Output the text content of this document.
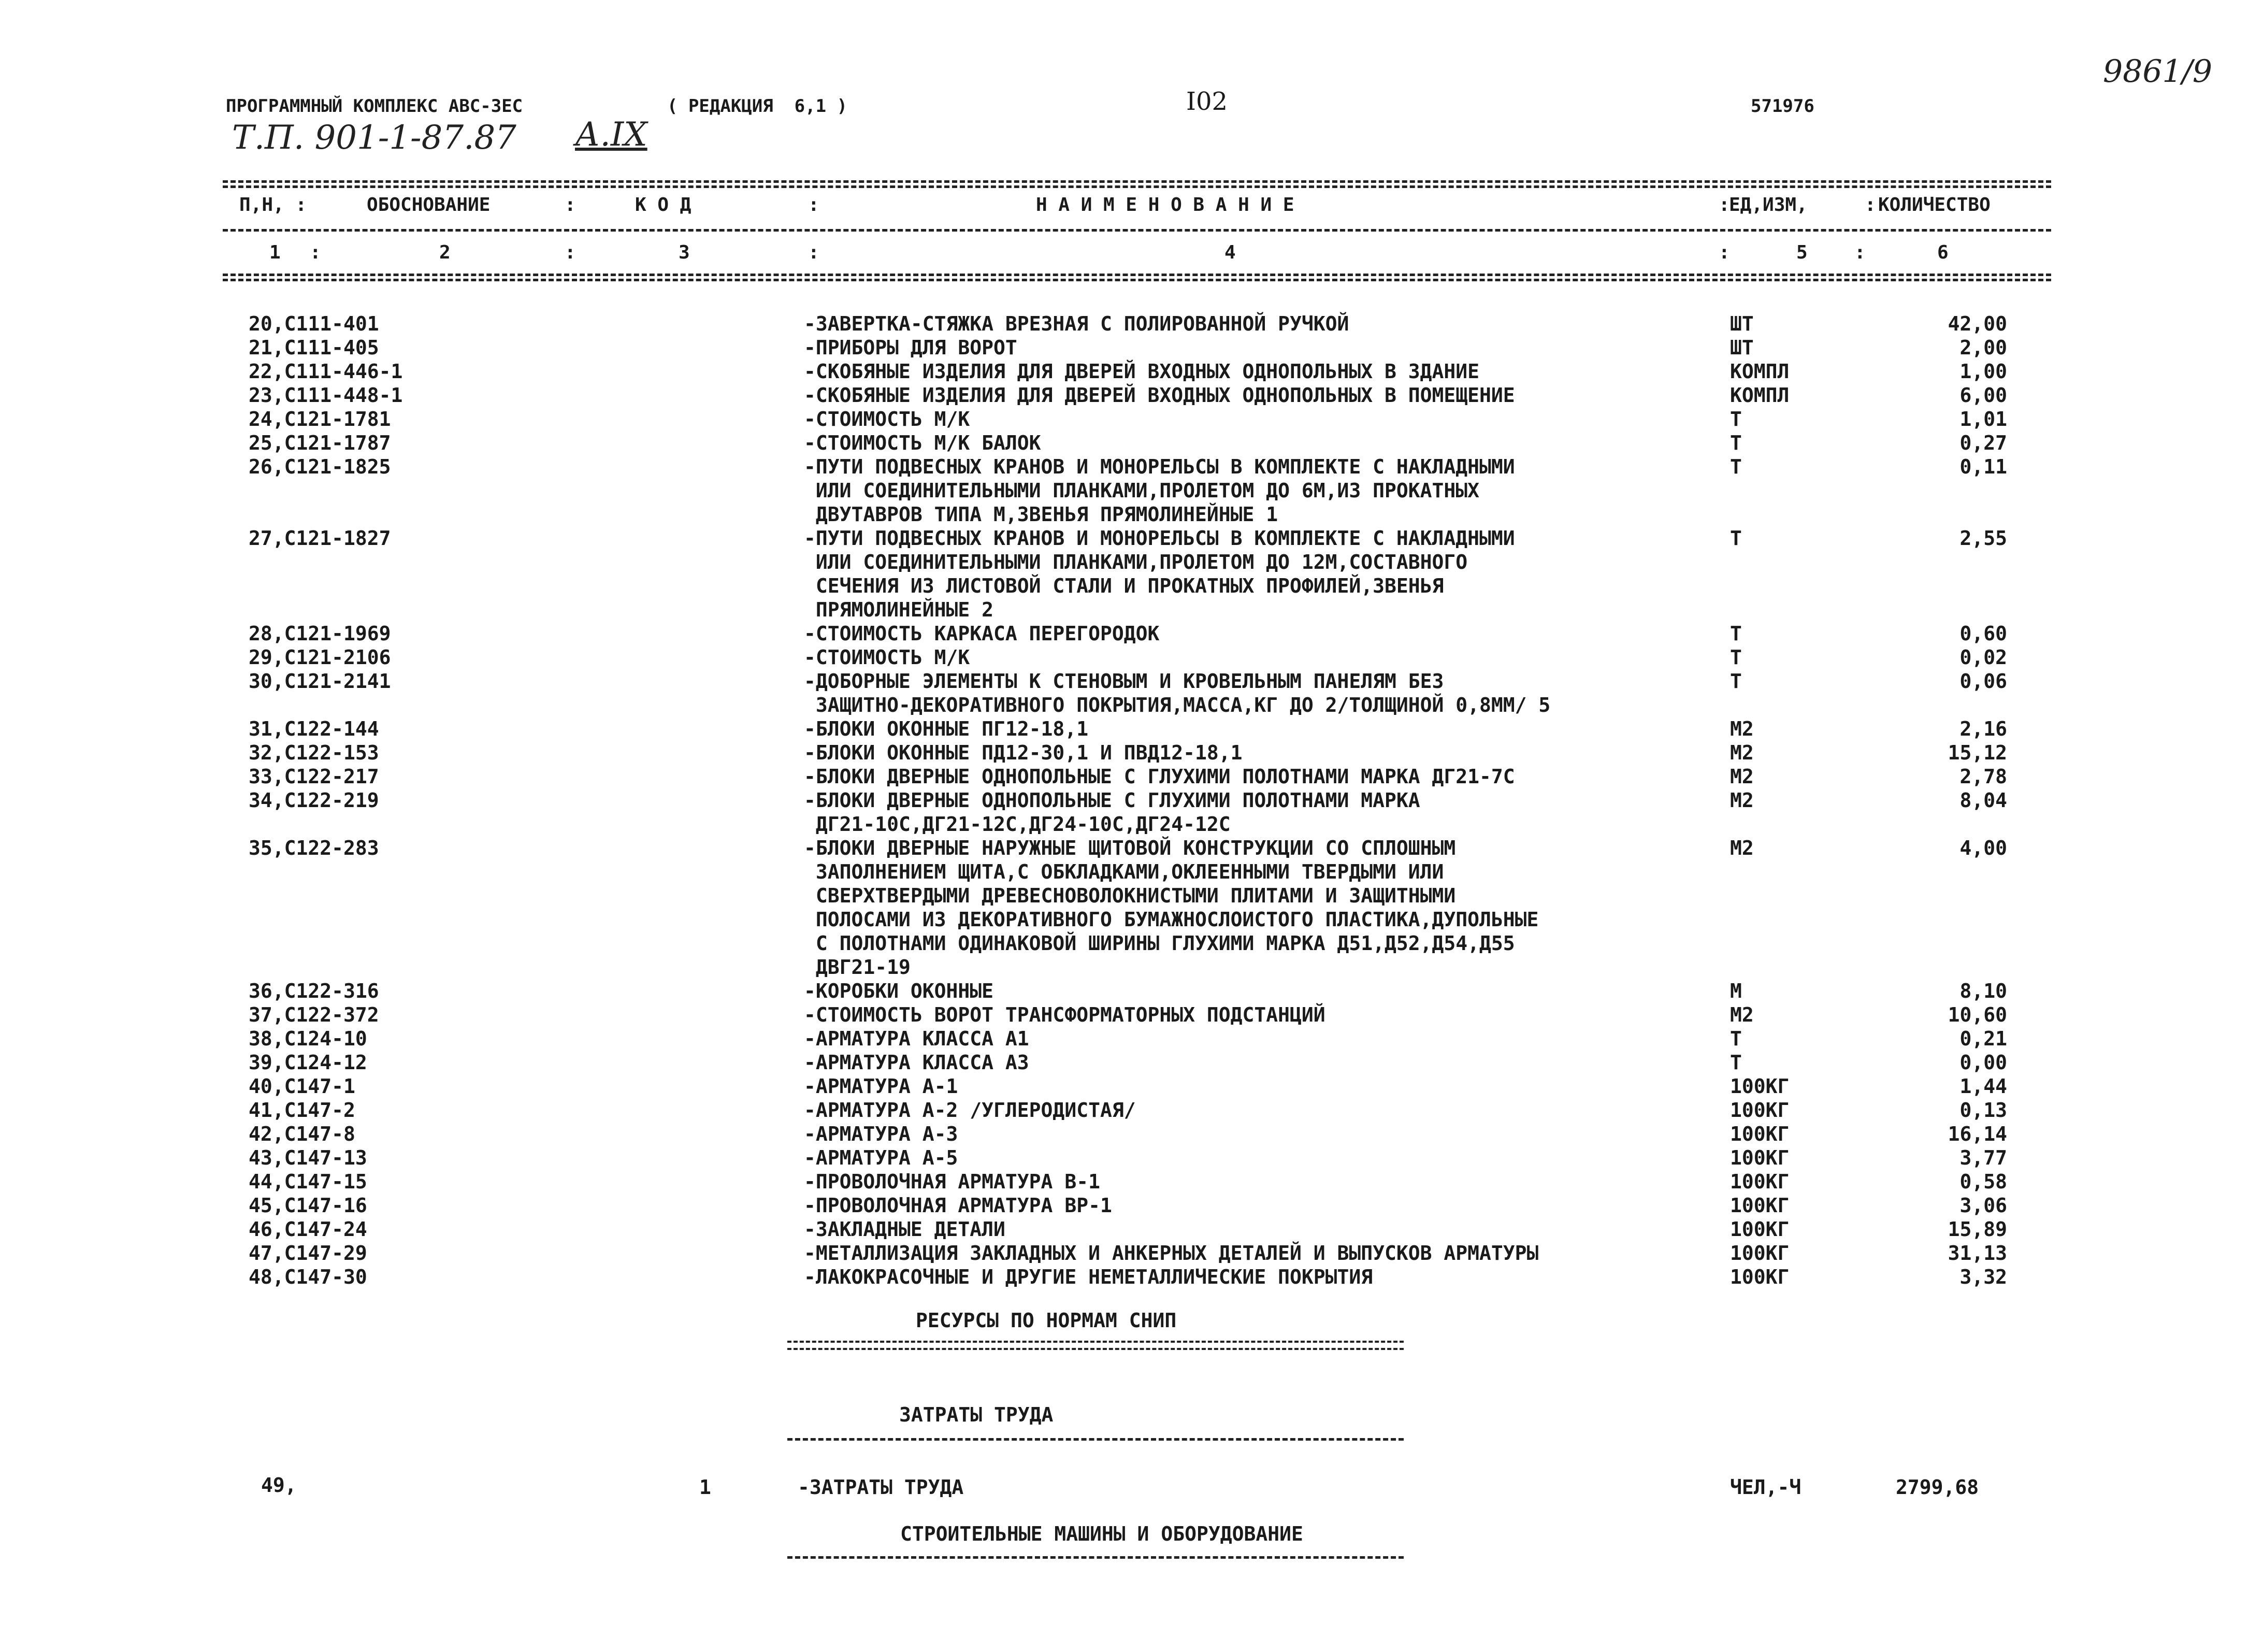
ПРОГРАММНЫЙ КОМПЛЕКС АВС-3ЕС	( РЕДАКЦИЯ  6,1 )	I02	571976
Т.П. 901-1-87.87 А.IX
9861/9
П,Н, :	ОБОСНОВАНИЕ	:	К О Д	:	Н А И М Е Н О В А Н И Е	:
ЕД,ИЗМ,	: КОЛИЧЕСТВО
1 :	2	:	3	:	4	:	5	:	6
20,С111-401	-ЗАВЕРТКА-СТЯЖКА ВРЕЗНАЯ С ПОЛИРОВАННОЙ РУЧКОЙ	ШТ	42,00
21,С111-405	-ПРИБОРЫ ДЛЯ ВОРОТ	ШТ	2,00
22,С111-446-1	-СКОБЯНЫЕ ИЗДЕЛИЯ ДЛЯ ДВЕРЕЙ ВХОДНЫХ ОДНОПОЛЬНЫХ В ЗДАНИЕ	КОМПЛ	1,00
23,С111-448-1	-СКОБЯНЫЕ ИЗДЕЛИЯ ДЛЯ ДВЕРЕЙ ВХОДНЫХ ОДНОПОЛЬНЫХ В ПОМЕЩЕНИЕ	КОМПЛ	6,00
24,С121-1781	-СТОИМОСТЬ М/К	Т	1,01
25,С121-1787	-СТОИМОСТЬ М/К БАЛОК	Т	0,27
26,С121-1825	-ПУТИ ПОДВЕСНЫХ КРАНОВ И МОНОРЕЛЬСЫ В КОМПЛЕКТЕ С НАКЛАДНЫМИ
ИЛИ СОЕДИНИТЕЛЬНЫМИ ПЛАНКАМИ,ПРОЛЕТОМ ДО 6М,ИЗ ПРОКАТНЫХ
ДВУТАВРОВ ТИПА М,ЗВЕНЬЯ ПРЯМОЛИНЕЙНЫЕ 1
Т	0,11
27,С121-1827	-ПУТИ ПОДВЕСНЫХ КРАНОВ И МОНОРЕЛЬСЫ В КОМПЛЕКТЕ С НАКЛАДНЫМИ
ИЛИ СОЕДИНИТЕЛЬНЫМИ ПЛАНКАМИ,ПРОЛЕТОМ ДО 12М,СОСТАВНОГО
СЕЧЕНИЯ ИЗ ЛИСТОВОЙ СТАЛИ И ПРОКАТНЫХ ПРОФИЛЕЙ,ЗВЕНЬЯ
ПРЯМОЛИНЕЙНЫЕ 2
Т	2,55
28,С121-1969	-СТОИМОСТЬ КАРКАСА ПЕРЕГОРОДОК	Т	0,60
29,С121-2106	-СТОИМОСТЬ М/К	Т	0,02
30,С121-2141	-ДОБОРНЫЕ ЭЛЕМЕНТЫ К СТЕНОВЫМ И КРОВЕЛЬНЫМ ПАНЕЛЯМ БЕЗ
ЗАЩИТНО-ДЕКОРАТИВНОГО ПОКРЫТИЯ,МАССА,КГ ДО 2/ТОЛЩИНОЙ 0,8ММ/ 5
Т	0,06
31,С122-144	-БЛОКИ ОКОННЫЕ ПГ12-18,1	М2	2,16
32,С122-153	-БЛОКИ ОКОННЫЕ ПД12-30,1 И ПВД12-18,1	М2	15,12
33,С122-217	-БЛОКИ ДВЕРНЫЕ ОДНОПОЛЬНЫЕ С ГЛУХИМИ ПОЛОТНАМИ МАРКА ДГ21-7С	М2	2,78
34,С122-219	-БЛОКИ ДВЕРНЫЕ ОДНОПОЛЬНЫЕ С ГЛУХИМИ ПОЛОТНАМИ МАРКА
ДГ21-10С,ДГ21-12С,ДГ24-10С,ДГ24-12С
М2	8,04
35,С122-283	-БЛОКИ ДВЕРНЫЕ НАРУЖНЫЕ ЩИТОВОЙ КОНСТРУКЦИИ СО СПЛОШНЫМ
ЗАПОЛНЕНИЕМ ЩИТА,С ОБКЛАДКАМИ,ОКЛЕЕННЫМИ ТВЕРДЫМИ ИЛИ
СВЕРХТВЕРДЫМИ ДРЕВЕСНОВОЛОКНИСТЫМИ ПЛИТАМИ И ЗАЩИТНЫМИ
ПОЛОСАМИ ИЗ ДЕКОРАТИВНОГО БУМАЖНОСЛОИСТОГО ПЛАСТИКА,ДУПОЛЬНЫЕ
С ПОЛОТНАМИ ОДИНАКОВОЙ ШИРИНЫ ГЛУХИМИ МАРКА Д51,Д52,Д54,Д55
ДВГ21-19
М2	4,00
36,С122-316	-КОРОБКИ ОКОННЫЕ	М	8,10
37,С122-372	-СТОИМОСТЬ ВОРОТ ТРАНСФОРМАТОРНЫХ ПОДСТАНЦИЙ	М2	10,60
38,С124-10	-АРМАТУРА КЛАССА А1	Т	0,21
39,С124-12	-АРМАТУРА КЛАССА А3	Т	0,00
40,С147-1	-АРМАТУРА А-1	100КГ	1,44
41,С147-2	-АРМАТУРА А-2 /УГЛЕРОДИСТАЯ/	100КГ	0,13
42,С147-8	-АРМАТУРА А-3	100КГ	16,14
43,С147-13	-АРМАТУРА А-5	100КГ	3,77
44,С147-15	-ПРОВОЛОЧНАЯ АРМАТУРА В-1	100КГ	0,58
45,С147-16	-ПРОВОЛОЧНАЯ АРМАТУРА ВР-1	100КГ	3,06
46,С147-24	-ЗАКЛАДНЫЕ ДЕТАЛИ	100КГ	15,89
47,С147-29	-МЕТАЛЛИЗАЦИЯ ЗАКЛАДНЫХ И АНКЕРНЫХ ДЕТАЛЕЙ И ВЫПУСКОВ АРМАТУРЫ	100КГ	31,13
48,С147-30	-ЛАКОКРАСОЧНЫЕ И ДРУГИЕ НЕМЕТАЛЛИЧЕСКИЕ ПОКРЫТИЯ	100КГ	3,32
РЕСУРСЫ ПО НОРМАМ СНИП
ЗАТРАТЫ ТРУДА
49,	1	-ЗАТРАТЫ ТРУДА	ЧЕЛ,-Ч	2799,68
СТРОИТЕЛЬНЫЕ МАШИНЫ И ОБОРУДОВАНИЕ
